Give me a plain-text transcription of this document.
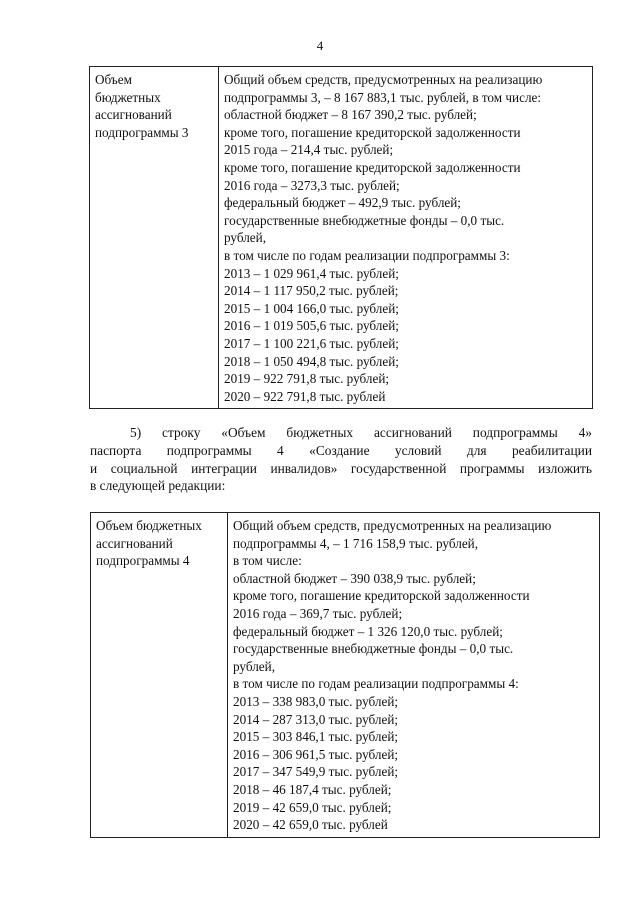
4
Объем
бюджетных
ассигнований
подпрограммы 3

Общий объем средств, предусмотренных на реализацию
подпрограммы 3, – 8 167 883,1 тыс. рублей, в том числе:
областной бюджет – 8 167 390,2 тыс. рублей;
кроме того, погашение кредиторской задолженности
2015 года – 214,4 тыс. рублей;
кроме того, погашение кредиторской задолженности
2016 года – 3273,3 тыс. рублей;
федеральный бюджет – 492,9 тыс. рублей;
государственные внебюджетные фонды – 0,0 тыс.
рублей,
в том числе по годам реализации подпрограммы 3:
2013 – 1 029 961,4 тыс. рублей;
2014 – 1 117 950,2 тыс. рублей;
2015 – 1 004 166,0 тыс. рублей;
2016 – 1 019 505,6 тыс. рублей;
2017 – 1 100 221,6 тыс. рублей;
2018 – 1 050 494,8 тыс. рублей;
2019 – 922 791,8 тыс. рублей;
2020 – 922 791,8 тыс. рублей
5) строку «Объем бюджетных ассигнований подпрограммы 4»
паспорта подпрограммы 4 «Создание условий для реабилитации
и социальной интеграции инвалидов» государственной программы изложить
в следующей редакции:
Объем бюджетных
ассигнований
подпрограммы 4

Общий объем средств, предусмотренных на реализацию
подпрограммы 4, – 1 716 158,9 тыс. рублей,
в том числе:
областной бюджет – 390 038,9 тыс. рублей;
кроме того, погашение кредиторской задолженности
2016 года – 369,7 тыс. рублей;
федеральный бюджет – 1 326 120,0 тыс. рублей;
государственные внебюджетные фонды – 0,0 тыс.
рублей,
в том числе по годам реализации подпрограммы 4:
2013 – 338 983,0 тыс. рублей;
2014 – 287 313,0 тыс. рублей;
2015 – 303 846,1 тыс. рублей;
2016 – 306 961,5 тыс. рублей;
2017 – 347 549,9 тыс. рублей;
2018 – 46 187,4 тыс. рублей;
2019 – 42 659,0 тыс. рублей;
2020 – 42 659,0 тыс. рублей
